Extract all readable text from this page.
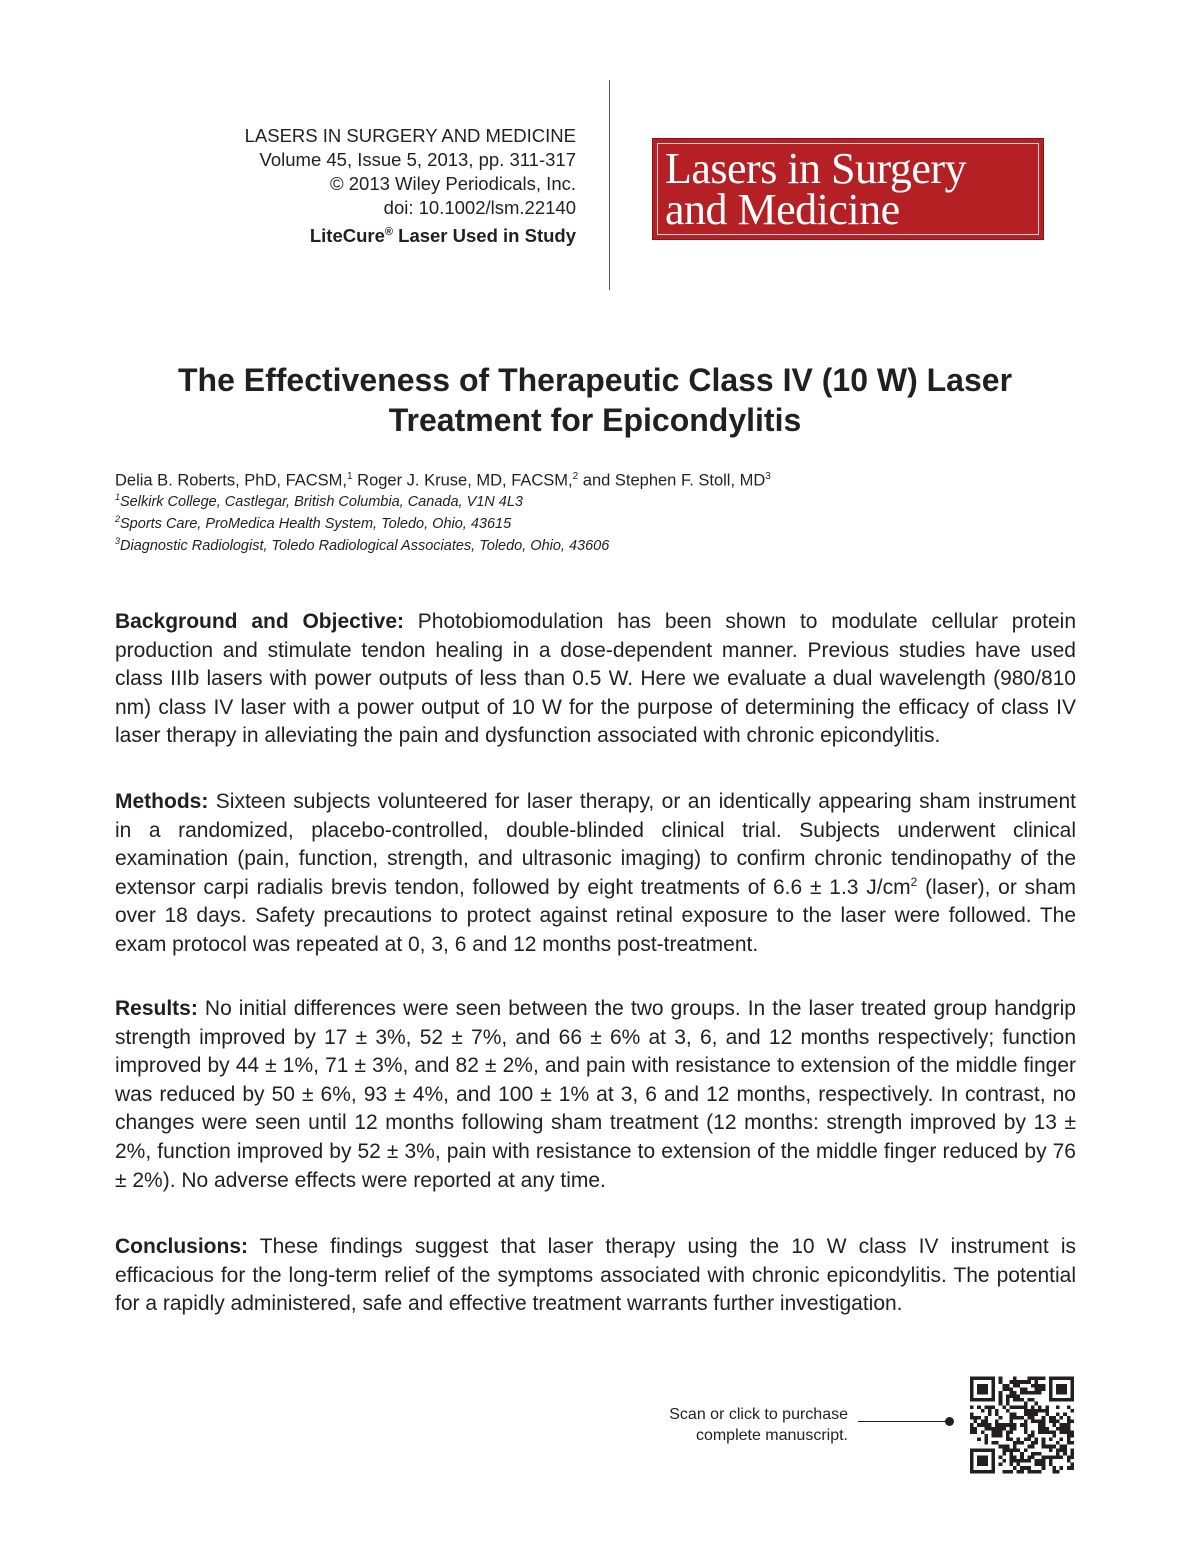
LASERS IN SURGERY AND MEDICINE
Volume 45, Issue 5, 2013, pp. 311-317
© 2013 Wiley Periodicals, Inc.
doi: 10.1002/lsm.22140
LiteCure® Laser Used in Study
Lasers in Surgery
and Medicine
The Effectiveness of Therapeutic Class IV (10 W) Laser
Treatment for Epicondylitis
Delia B. Roberts, PhD, FACSM,$^1$ Roger J. Kruse, MD, FACSM,$^2$ and Stephen F. Stoll, $MD^3$
$^1$Selkirk College, Castlegar, British Columbia, Canada, V1N 4L3
$^2$Sports Care, ProMedica Health System, Toledo, Ohio, 43615
$^3$Diagnostic Radiologist, Toledo Radiological Associates, Toledo, Ohio, 43606
Background and Objective: Photobiomodulation has been shown to modulate cellular protein production and stimulate tendon healing in a dose-dependent manner. Previous studies have used class IIIb lasers with power outputs of less than 0.5 W. Here we evaluate a dual wavelength (980/810 nm) class IV laser with a power output of 10 W for the purpose of determining the efficacy of class IV laser therapy in alleviating the pain and dysfunction associated with chronic epicondylitis.
Methods: Sixteen subjects volunteered for laser therapy, or an identically appearing sham instrument in a randomized, placebo-controlled, double-blinded clinical trial. Subjects underwent clinical examination (pain, function, strength, and ultrasonic imaging) to confirm chronic tendinopathy of the extensor carpi radialis brevis tendon, followed by eight treatments of 6.6 ± 1.3 $J/cm^2$ (laser), or sham over 18 days. Safety precautions to protect against retinal exposure to the laser were followed. The exam protocol was repeated at 0, 3, 6 and 12 months post-treatment.
Results: No initial differences were seen between the two groups. In the laser treated group handgrip strength improved by 17 ± 3%, 52 ± 7%, and 66 ± 6% at 3, 6, and 12 months respectively; function improved by 44 ± 1%, 71 ± 3%, and 82 ± 2%, and pain with resistance to extension of the middle finger was reduced by 50 ± 6%, 93 ± 4%, and 100 ± 1% at 3, 6 and 12 months, respectively. In contrast, no changes were seen until 12 months following sham treatment (12 months: strength improved by 13 ± 2%, function improved by 52 ± 3%, pain with resistance to extension of the middle finger reduced by 76 ± 2%). No adverse effects were reported at any time.
Conclusions: These findings suggest that laser therapy using the 10 W class IV instrument is efficacious for the long-term relief of the symptoms associated with chronic epicondylitis. The potential for a rapidly administered, safe and effective treatment warrants further investigation.
Scan or click to purchase
complete manuscript.
